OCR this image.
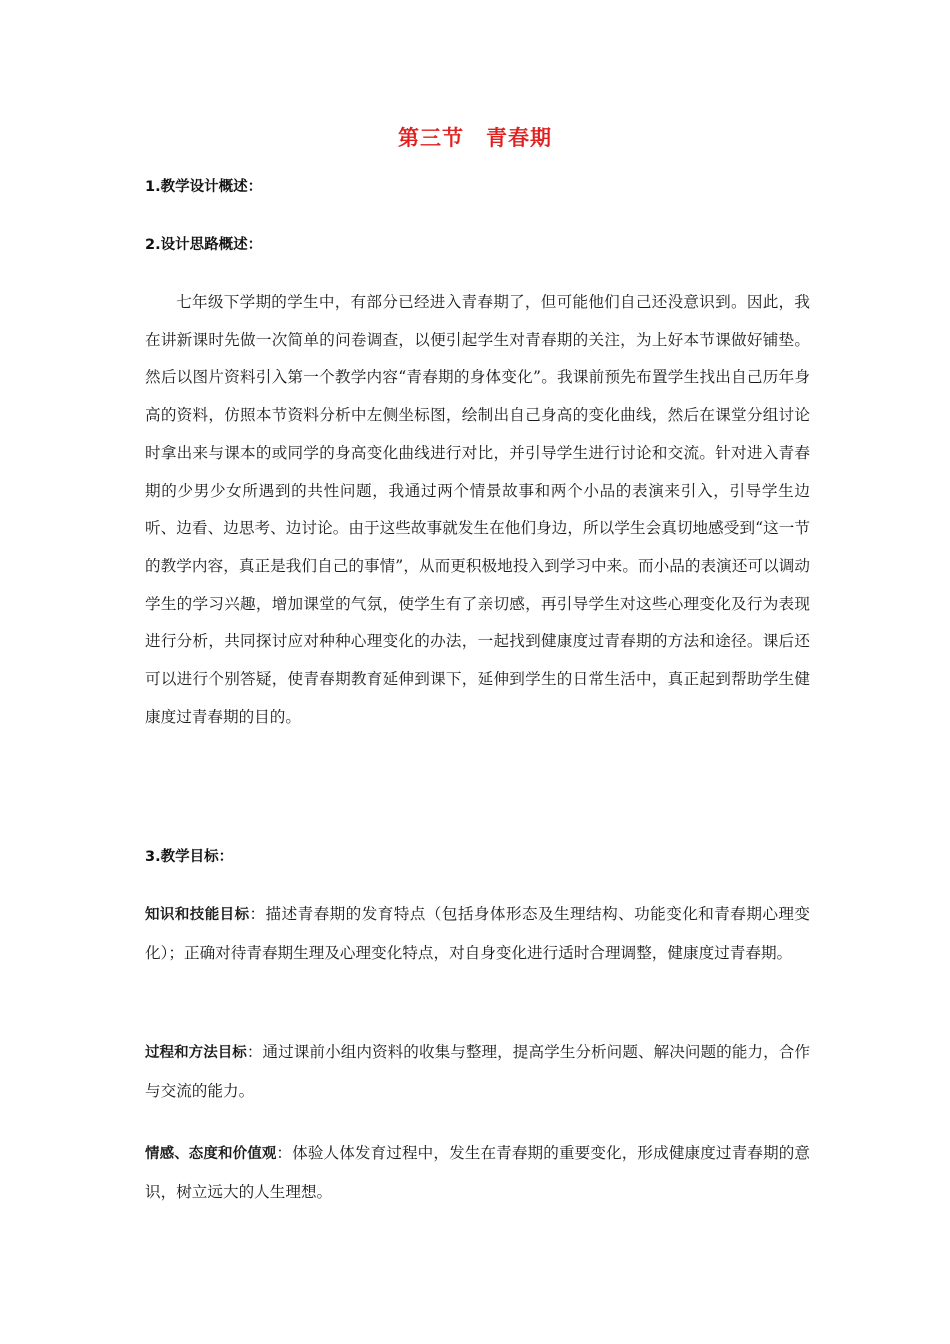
第三节　青春期
1.教学设计概述：
2.设计思路概述：

七年级下学期的学生中，有部分已经进入青春期了，但可能他们自己还没意识到。因此，我在讲新课时先做一次简单的问卷调查，以便引起学生对青春期的关注，为上好本节课做好铺垫。然后以图片资料引入第一个教学内容“青春期的身体变化”。我课前预先布置学生找出自己历年身高的资料，仿照本节资料分析中左侧坐标图，绘制出自己身高的变化曲线，然后在课堂分组讨论时拿出来与课本的或同学的身高变化曲线进行对比，并引导学生进行讨论和交流。针对进入青春期的少男少女所遇到的共性问题，我通过两个情景故事和两个小品的表演来引入，引导学生边听、边看、边思考、边讨论。由于这些故事就发生在他们身边，所以学生会真切地感受到“这一节的教学内容，真正是我们自己的事情”，从而更积极地投入到学习中来。而小品的表演还可以调动学生的学习兴趣，增加课堂的气氛，使学生有了亲切感，再引导学生对这些心理变化及行为表现进行分析，共同探讨应对种种心理变化的办法，一起找到健康度过青春期的方法和途径。课后还可以进行个别答疑，使青春期教育延伸到课下，延伸到学生的日常生活中，真正起到帮助学生健康度过青春期的目的。

3.教学目标：

知识和技能目标：描述青春期的发育特点（包括身体形态及生理结构、功能变化和青春期心理变化）；正确对待青春期生理及心理变化特点，对自身变化进行适时合理调整，健康度过青春期。

过程和方法目标：通过课前小组内资料的收集与整理，提高学生分析问题、解决问题的能力，合作与交流的能力。

情感、态度和价值观：体验人体发育过程中，发生在青春期的重要变化，形成健康度过青春期的意识，树立远大的人生理想。
